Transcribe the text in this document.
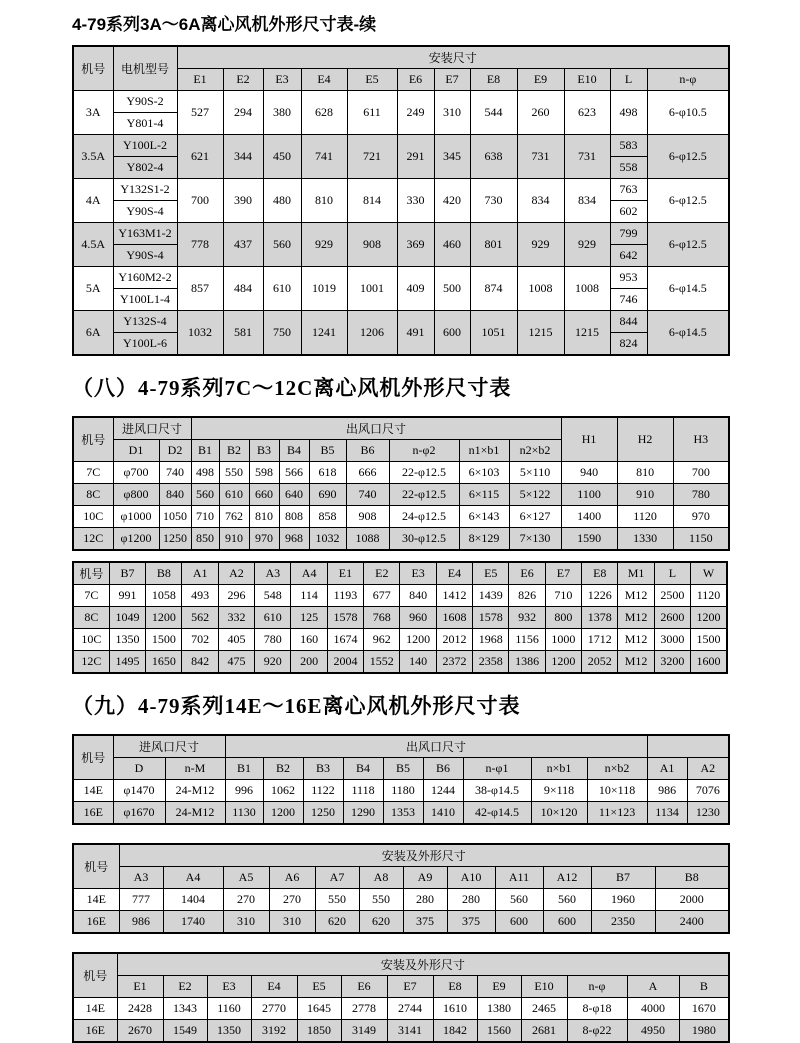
4-79系列3A～6A离心风机外形尺寸表-续
机号	电机型号	安装尺寸											
		E1	E2	E3	E4	E5	E6	E7	E8	E9	E10	L	n-φ
3A	Y90S-2	527	294	380	628	611	249	310	544	260	623	498	6-φ10.5
	Y801-4												
3.5A	Y100L-2	621	344	450	741	721	291	345	638	731	731	583	6-φ12.5
	Y802-4											558	
4A	Y132S1-2	700	390	480	810	814	330	420	730	834	834	763	6-φ12.5
	Y90S-4											602	
4.5A	Y163M1-2	778	437	560	929	908	369	460	801	929	929	799	6-φ12.5
	Y90S-4											642	
5A	Y160M2-2	857	484	610	1019	1001	409	500	874	1008	1008	953	6-φ14.5
	Y100L1-4											746	
6A	Y132S-4	1032	581	750	1241	1206	491	600	1051	1215	1215	844	6-φ14.5
	Y100L-6											824	
（八）4-79系列7C～12C离心风机外形尺寸表
机号	进风口尺寸		出风口尺寸									H1	H2	H3
	D1	D2	B1	B2	B3	B4	B5	B6	n-φ2	n1×b1	n2×b2			
7C	φ700	740	498	550	598	566	618	666	22-φ12.5	6×103	5×110	940	810	700
8C	φ800	840	560	610	660	640	690	740	22-φ12.5	6×115	5×122	1100	910	780
10C	φ1000	1050	710	762	810	808	858	908	24-φ12.5	6×143	6×127	1400	1120	970
12C	φ1200	1250	850	910	970	968	1032	1088	30-φ12.5	8×129	7×130	1590	1330	1150
机号	B7	B8	A1	A2	A3	A4	E1	E2	E3	E4	E5	E6	E7	E8	M1	L	W
7C	991	1058	493	296	548	114	1193	677	840	1412	1439	826	710	1226	M12	2500	1120
8C	1049	1200	562	332	610	125	1578	768	960	1608	1578	932	800	1378	M12	2600	1200
10C	1350	1500	702	405	780	160	1674	962	1200	2012	1968	1156	1000	1712	M12	3000	1500
12C	1495	1650	842	475	920	200	2004	1552	140	2372	2358	1386	1200	2052	M12	3200	1600
（九）4-79系列14E～16E离心风机外形尺寸表
机号	进风口尺寸		出风口尺寸										
	D	n-M	B1	B2	B3	B4	B5	B6	n-φ1	n×b1	n×b2	A1	A2
14E	φ1470	24-M12	996	1062	1122	1118	1180	1244	38-φ14.5	9×118	10×118	986	7076
16E	φ1670	24-M12	1130	1200	1250	1290	1353	1410	42-φ14.5	10×120	11×123	1134	1230
机号	安装及外形尺寸											
	A3	A4	A5	A6	A7	A8	A9	A10	A11	A12	B7	B8
14E	777	1404	270	270	550	550	280	280	560	560	1960	2000
16E	986	1740	310	310	620	620	375	375	600	600	2350	2400
机号	安装及外形尺寸												
	E1	E2	E3	E4	E5	E6	E7	E8	E9	E10	n-φ	A	B
14E	2428	1343	1160	2770	1645	2778	2744	1610	1380	2465	8-φ18	4000	1670
16E	2670	1549	1350	3192	1850	3149	3141	1842	1560	2681	8-φ22	4950	1980
